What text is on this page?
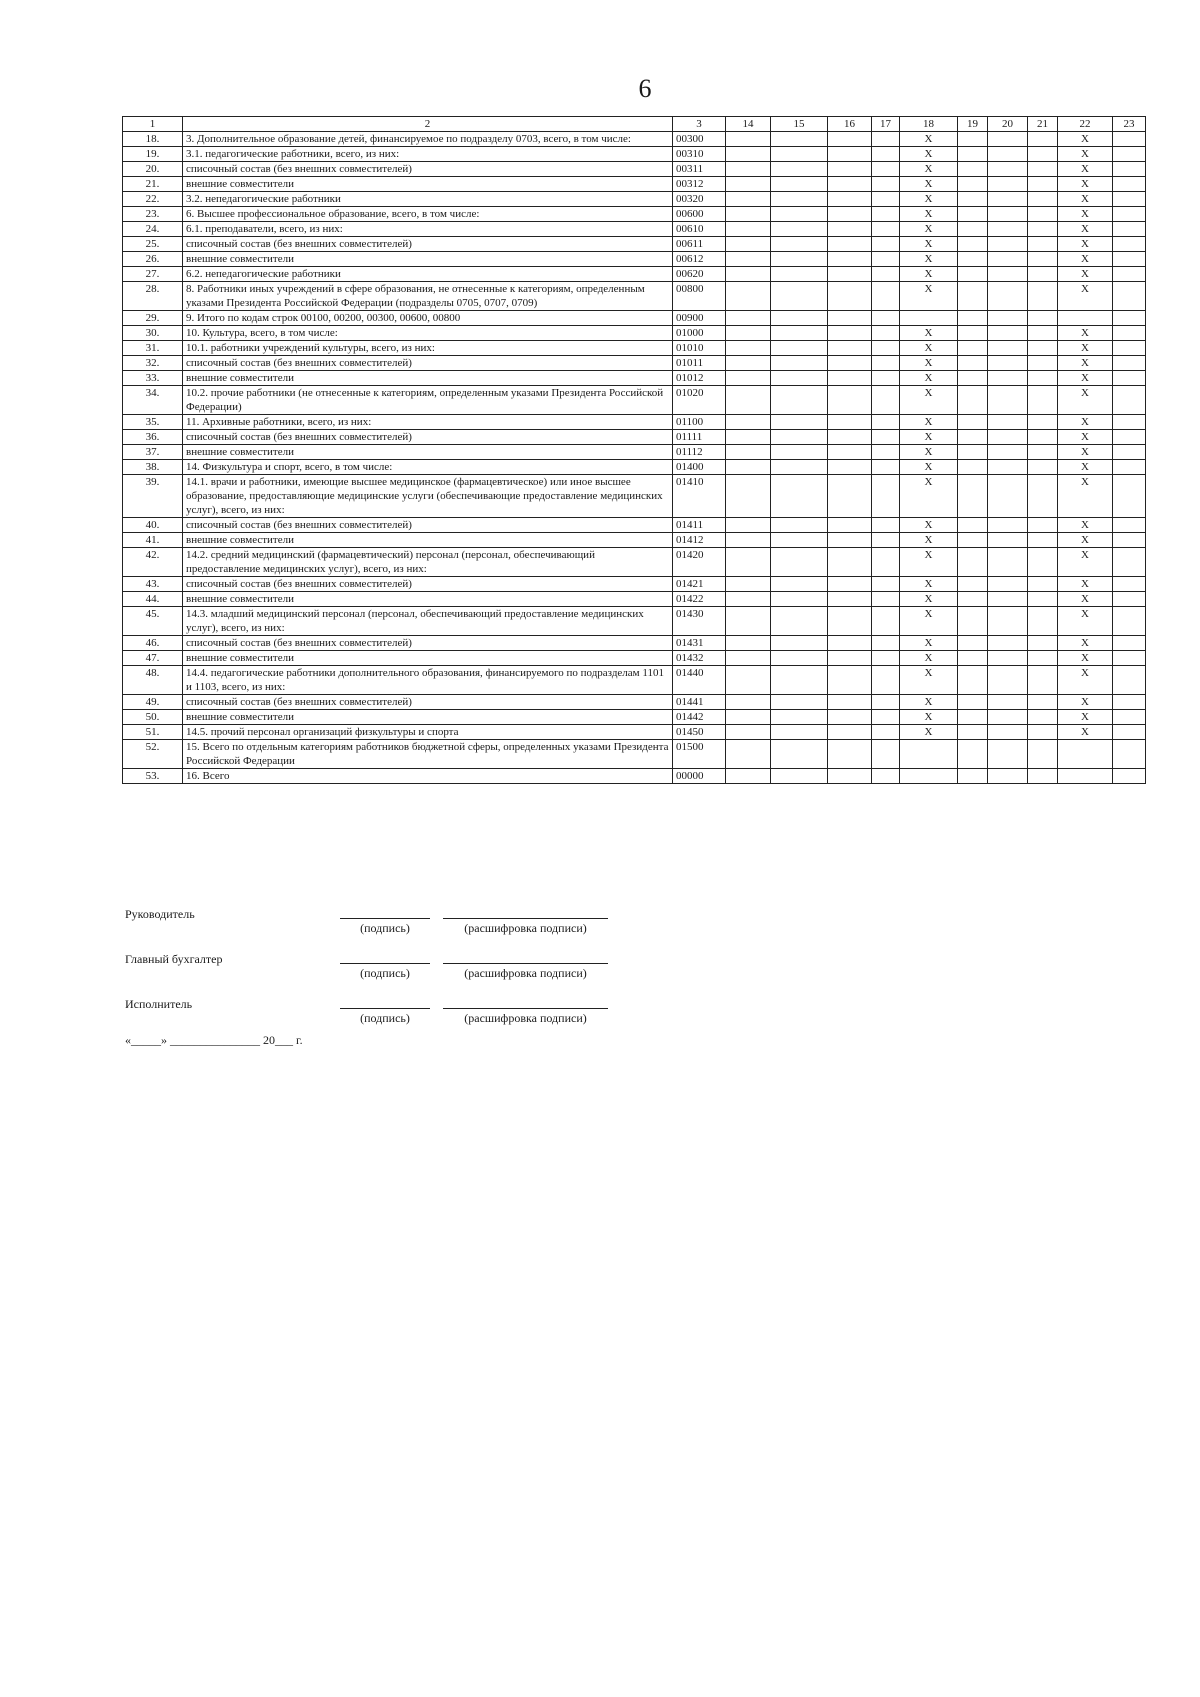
6
1	2	3	14	15	16	17	18	19	20	21	22	23
18.	3. Дополнительное образование детей, финансируемое по подразделу 0703, всего, в том числе:	00300					X				X	
19.	3.1. педагогические работники, всего, из них:	00310					X				X	
20.	списочный состав (без внешних совместителей)	00311					X				X	
21.	внешние совместители	00312					X				X	
22.	3.2. непедагогические работники	00320					X				X	
23.	6. Высшее профессиональное образование, всего, в том числе:	00600					X				X	
24.	6.1. преподаватели, всего, из них:	00610					X				X	
25.	списочный состав (без внешних совместителей)	00611					X				X	
26.	внешние совместители	00612					X				X	
27.	6.2. непедагогические работники	00620					X				X	
28.	8. Работники иных учреждений в сфере образования, не отнесенные к категориям, определенным указами Президента Российской Федерации (подразделы 0705, 0707, 0709)	00800					X				X	
29.	9. Итого по кодам строк 00100, 00200, 00300, 00600, 00800	00900										
30.	10. Культура, всего, в том числе:	01000					X				X	
31.	10.1. работники учреждений культуры, всего, из них:	01010					X				X	
32.	списочный состав (без внешних совместителей)	01011					X				X	
33.	внешние совместители	01012					X				X	
34.	10.2. прочие работники (не отнесенные к категориям, определенным указами Президента Российской Федерации)	01020					X				X	
35.	11. Архивные работники, всего, из них:	01100					X				X	
36.	списочный состав (без внешних совместителей)	01111					X				X	
37.	внешние совместители	01112					X				X	
38.	14. Физкультура и спорт, всего, в том числе:	01400					X				X	
39.	14.1. врачи и работники, имеющие высшее медицинское (фармацевтическое) или иное высшее образование, предоставляющие медицинские услуги (обеспечивающие предоставление медицинских услуг), всего, из них:	01410					X				X	
40.	списочный состав (без внешних совместителей)	01411					X				X	
41.	внешние совместители	01412					X				X	
42.	14.2. средний медицинский (фармацевтический) персонал (персонал, обеспечивающий предоставление медицинских услуг), всего, из них:	01420					X				X	
43.	списочный состав (без внешних совместителей)	01421					X				X	
44.	внешние совместители	01422					X				X	
45.	14.3. младший медицинский персонал (персонал, обеспечивающий предоставление медицинских услуг), всего, из них:	01430					X				X	
46.	списочный состав (без внешних совместителей)	01431					X				X	
47.	внешние совместители	01432					X				X	
48.	14.4. педагогические работники дополнительного образования, финансируемого по подразделам 1101 и 1103, всего, из них:	01440					X				X	
49.	списочный состав (без внешних совместителей)	01441					X				X	
50.	внешние совместители	01442					X				X	
51.	14.5. прочий персонал организаций физкультуры и спорта	01450					X				X	
52.	15. Всего по отдельным категориям работников бюджетной сферы, определенных указами Президента Российской Федерации	01500										
53.	16. Всего	00000										
Руководитель
(подпись)	(расшифровка подписи)
Главный бухгалтер
(подпись)	(расшифровка подписи)
Исполнитель
(подпись)	(расшифровка подписи)
«_____» _______________ 20___ г.
